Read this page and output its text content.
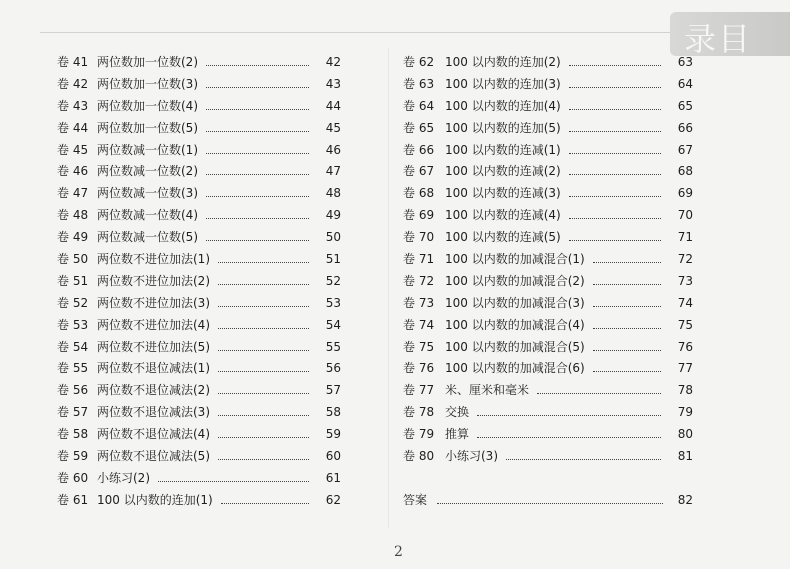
录目
卷 41 两位数加一位数(2)	42
卷 42 两位数加一位数(3)	43
卷 43 两位数加一位数(4)	44
卷 44 两位数加一位数(5)	45
卷 45 两位数减一位数(1)	46
卷 46 两位数减一位数(2)	47
卷 47 两位数减一位数(3)	48
卷 48 两位数减一位数(4)	49
卷 49 两位数减一位数(5)	50
卷 50 两位数不进位加法(1)	51
卷 51 两位数不进位加法(2)	52
卷 52 两位数不进位加法(3)	53
卷 53 两位数不进位加法(4)	54
卷 54 两位数不进位加法(5)	55
卷 55 两位数不退位减法(1)	56
卷 56 两位数不退位减法(2)	57
卷 57 两位数不退位减法(3)	58
卷 58 两位数不退位减法(4)	59
卷 59 两位数不退位减法(5)	60
卷 60 小练习(2)	61
卷 61 100 以内数的连加(1)	62
卷 62 100 以内数的连加(2)	63
卷 63 100 以内数的连加(3)	64
卷 64 100 以内数的连加(4)	65
卷 65 100 以内数的连加(5)	66
卷 66 100 以内数的连减(1)	67
卷 67 100 以内数的连减(2)	68
卷 68 100 以内数的连减(3)	69
卷 69 100 以内数的连减(4)	70
卷 70 100 以内数的连减(5)	71
卷 71 100 以内数的加减混合(1)	72
卷 72 100 以内数的加减混合(2)	73
卷 73 100 以内数的加减混合(3)	74
卷 74 100 以内数的加减混合(4)	75
卷 75 100 以内数的加减混合(5)	76
卷 76 100 以内数的加减混合(6)	77
卷 77 米、厘米和毫米	78
卷 78 交换	79
卷 79 推算	80
卷 80 小练习(3)	81
答案	82
2
